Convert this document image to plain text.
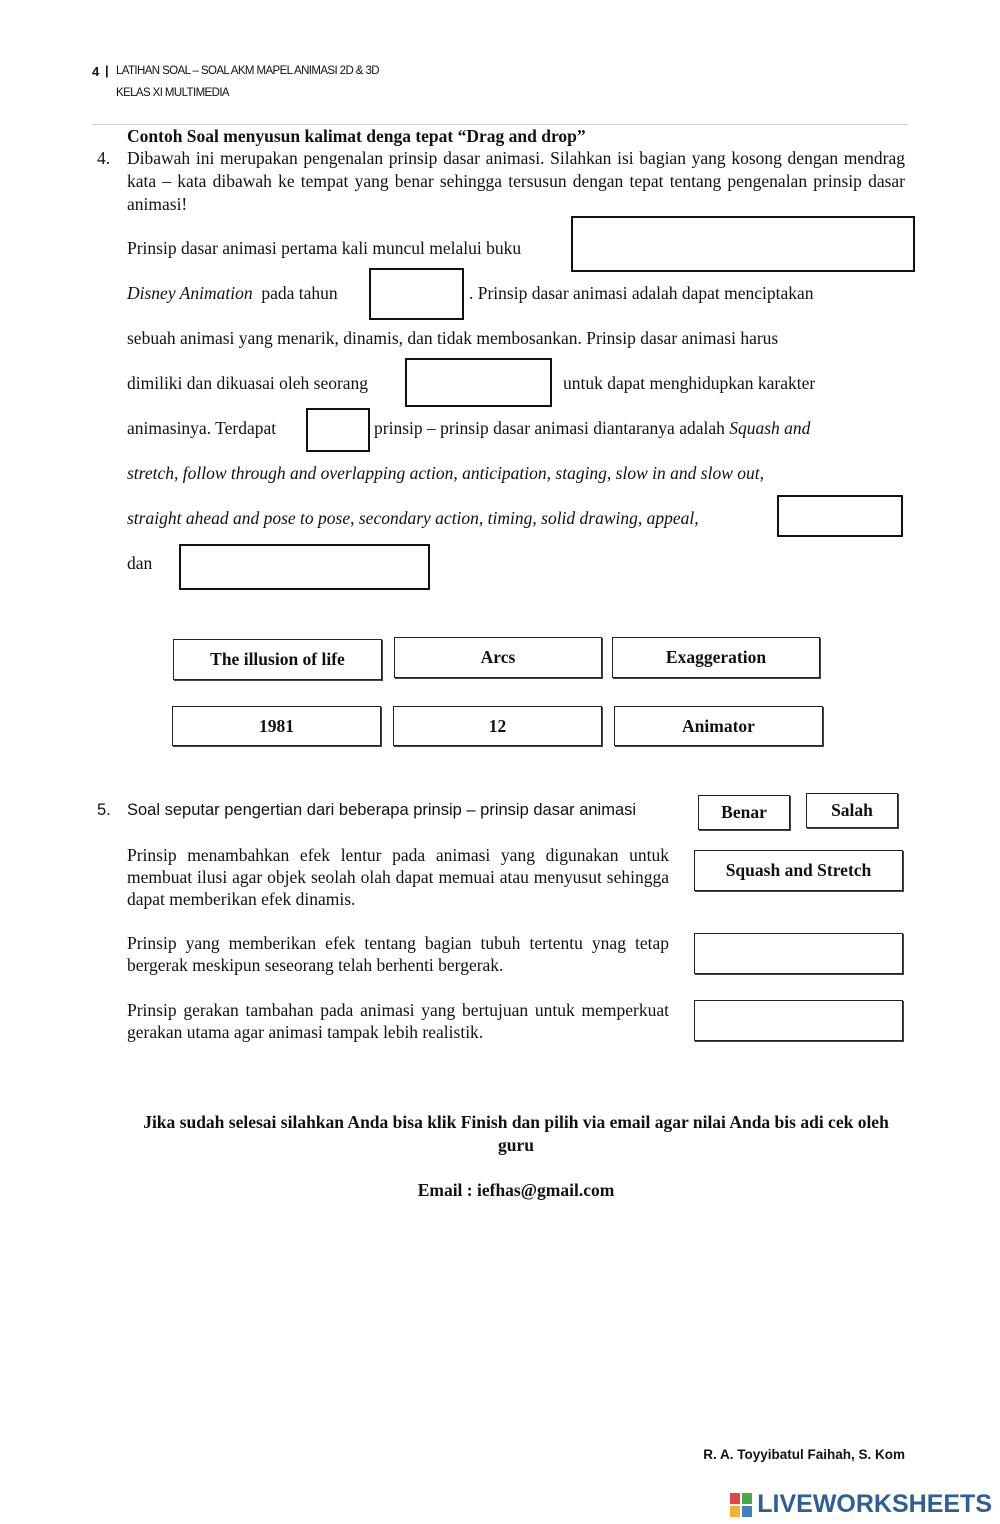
4 | LATIHAN SOAL – SOAL AKM MAPEL ANIMASI 2D & 3D
KELAS XI MULTIMEDIA
Contoh Soal menyusun kalimat denga tepat “Drag and drop”
4. Dibawah ini merupakan pengenalan prinsip dasar animasi. Silahkan isi bagian yang kosong dengan mendrag kata – kata dibawah ke tempat yang benar sehingga tersusun dengan tepat tentang pengenalan prinsip dasar animasi!
Prinsip dasar animasi pertama kali muncul melalui buku
Disney Animation pada tahun	. Prinsip dasar animasi adalah dapat menciptakan
sebuah animasi yang menarik, dinamis, dan tidak membosankan. Prinsip dasar animasi harus
dimiliki dan dikuasai oleh seorang	untuk dapat menghidupkan karakter
animasinya. Terdapat	prinsip – prinsip dasar animasi diantaranya adalah Squash and
stretch, follow through and overlapping action, anticipation, staging, slow in and slow out,
straight ahead and pose to pose, secondary action, timing, solid drawing, appeal,
dan
The illusion of life	Arcs	Exaggeration
1981	12	Animator
5. Soal seputar pengertian dari beberapa prinsip – prinsip dasar animasi	Benar	Salah
Prinsip menambahkan efek lentur pada animasi yang digunakan untuk membuat ilusi agar objek seolah olah dapat memuai atau menyusut sehingga dapat memberikan efek dinamis.
Squash and Stretch
Prinsip yang memberikan efek tentang bagian tubuh tertentu ynag tetap bergerak meskipun seseorang telah berhenti bergerak.
Prinsip gerakan tambahan pada animasi yang bertujuan untuk memperkuat gerakan utama agar animasi tampak lebih realistik.
Jika sudah selesai silahkan Anda bisa klik Finish dan pilih via email agar nilai Anda bis adi cek oleh guru
Email : iefhas@gmail.com
R. A. Toyyibatul Faihah, S. Kom
LIVEWORKSHEETS
